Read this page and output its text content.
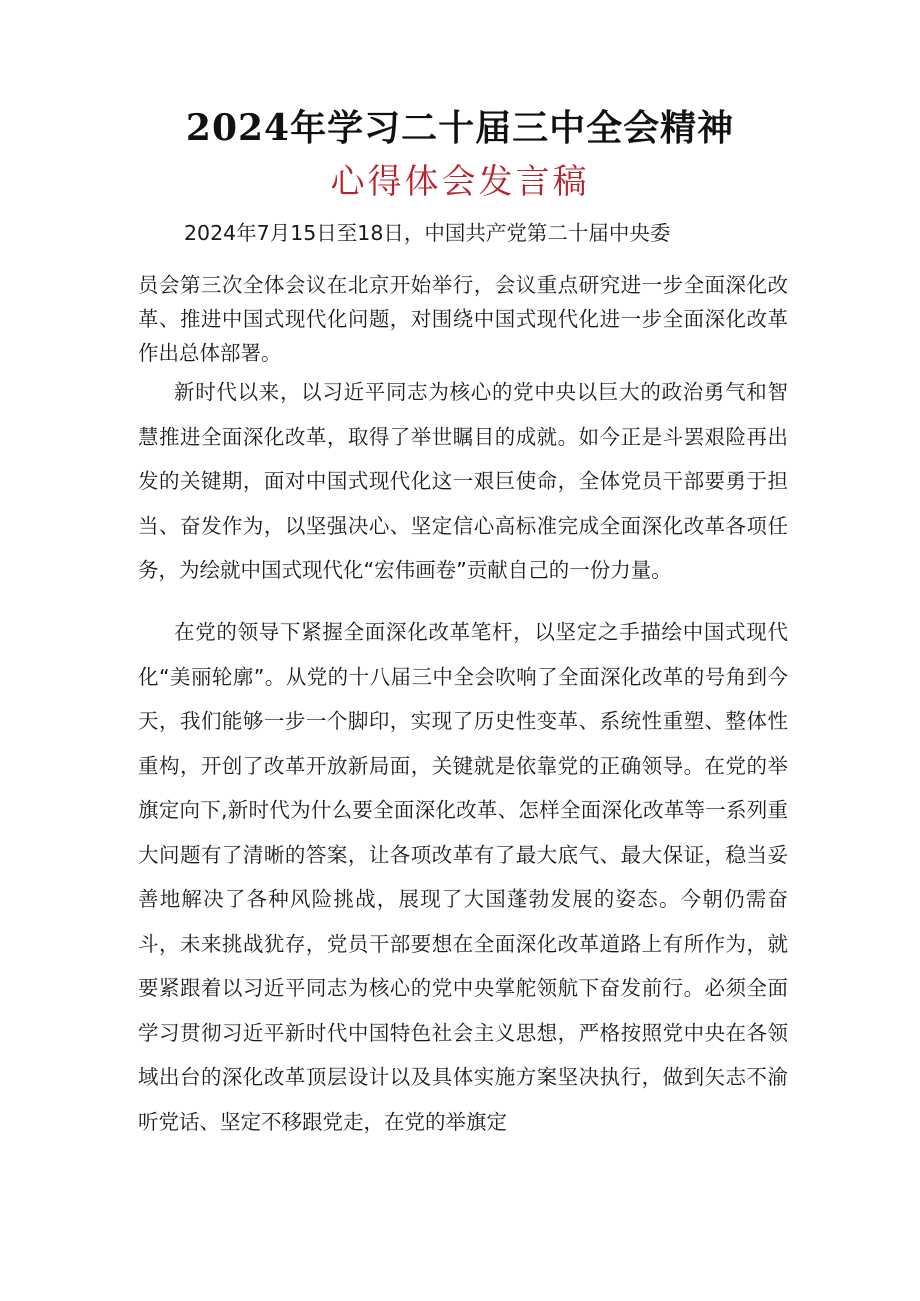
2024年学习二十届三中全会精神
心得体会发言稿

2024年7月15日至18日，中国共产党第二十届中央委

员会第三次全体会议在北京开始举行，会议重点研究进一步全面深化改革、推进中国式现代化问题，对围绕中国式现代化进一步全面深化改革作出总体部署。

新时代以来，以习近平同志为核心的党中央以巨大的政治勇气和智慧推进全面深化改革，取得了举世瞩目的成就。如今正是斗罢艰险再出发的关键期，面对中国式现代化这一艰巨使命，全体党员干部要勇于担当、奋发作为，以坚强决心、坚定信心高标准完成全面深化改革各项任务，为绘就中国式现代化“宏伟画卷”贡献自己的一份力量。

在党的领导下紧握全面深化改革笔杆，以坚定之手描绘中国式现代化“美丽轮廓”。从党的十八届三中全会吹响了全面深化改革的号角到今天，我们能够一步一个脚印，实现了历史性变革、系统性重塑、整体性重构，开创了改革开放新局面，关键就是依靠党的正确领导。在党的举旗定向下,新时代为什么要全面深化改革、怎样全面深化改革等一系列重大问题有了清晰的答案，让各项改革有了最大底气、最大保证，稳当妥善地解决了各种风险挑战，展现了大国蓬勃发展的姿态。今朝仍需奋斗，未来挑战犹存，党员干部要想在全面深化改革道路上有所作为，就要紧跟着以习近平同志为核心的党中央掌舵领航下奋发前行。必须全面学习贯彻习近平新时代中国特色社会主义思想，严格按照党中央在各领域出台的深化改革顶层设计以及具体实施方案坚决执行，做到矢志不渝听党话、坚定不移跟党走，在党的举旗定
